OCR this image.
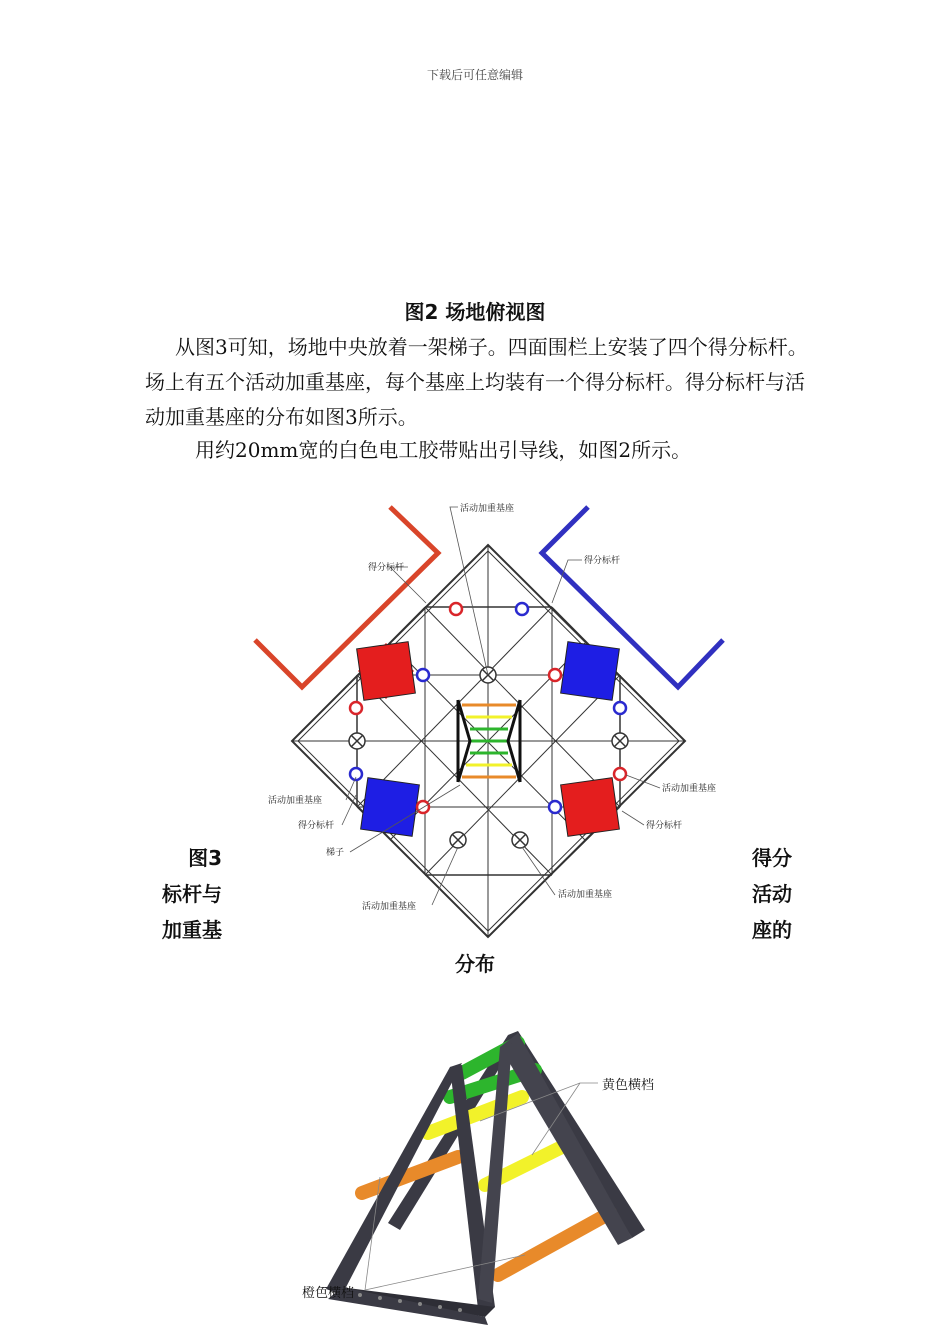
下载后可任意编辑
图2 场地俯视图
从图3可知，场地中央放着一架梯子。四面围栏上安装了四个得分标杆。场上有五个活动加重基座，每个基座上均装有一个得分标杆。得分标杆与活动加重基座的分布如图3所示。
用约20mm宽的白色电工胶带贴出引导线，如图2所示。
活动加重基座
得分标杆
得分标杆
活动加重基座
得分标杆
梯子
活动加重基座
得分标杆
活动加重基座
活动加重基座
图3
标杆与
加重基
得分
活动
座的
分布
黄色横档
橙色横档
